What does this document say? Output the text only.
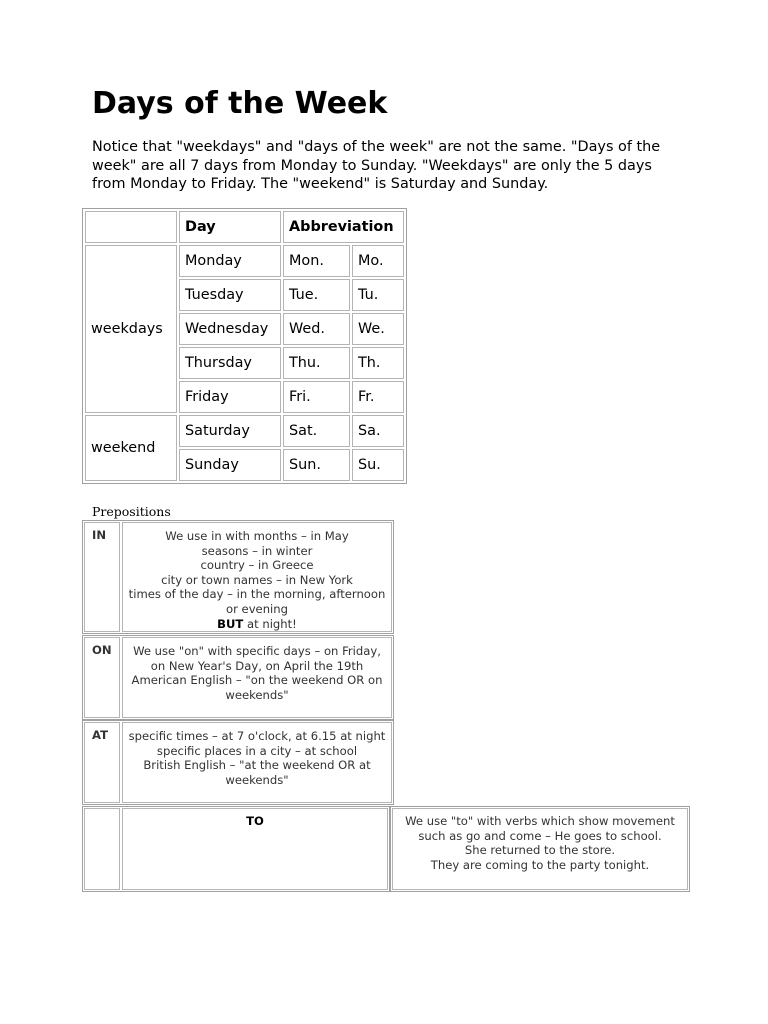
Days of the Week

Notice that "weekdays" and "days of the week" are not the same. "Days of the week" are all 7 days from Monday to Sunday. "Weekdays" are only the 5 days from Monday to Friday. The "weekend" is Saturday and Sunday.

	Day	Abbreviation	
weekdays	Monday	Mon.	Mo.
	Tuesday	Tue.	Tu.
	Wednesday	Wed.	We.
	Thursday	Thu.	Th.
	Friday	Fri.	Fr.
weekend	Saturday	Sat.	Sa.
	Sunday	Sun.	Su.
Prepositions
IN	We use in with months – in May

seasons – in winter

country – in Greece

city or town names – in New York

times of the day – in the morning, afternoon or evening

BUT at night!

ON	We use "on" with specific days – on Friday, on New Year's Day, on April the 19th

American English – "on the weekend OR on weekends"

AT	specific times – at 7 o'clock, at 6.15 at night

specific places in a city – at school

British English – "at the weekend OR at weekends"

TO	We use "to" with verbs which show movement such as go and come – He goes to school.

She returned to the store.

They are coming to the party tonight.
